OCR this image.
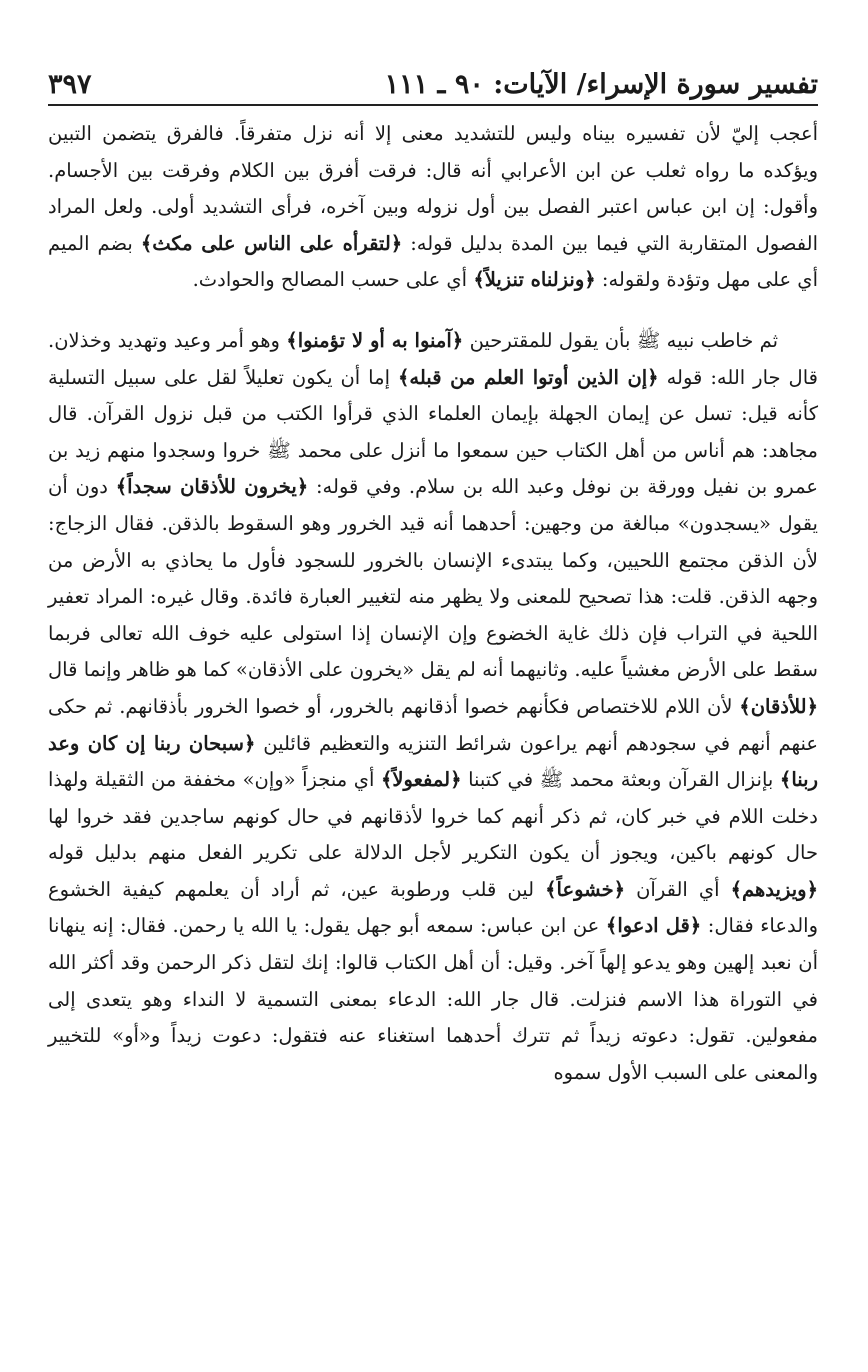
تفسير سورة الإسراء/ الآيات: ٩٠ ـ ١١١
٣٩٧

أعجب إليّ لأن تفسيره بيناه وليس للتشديد معنى إلا أنه نزل متفرقاً. فالفرق يتضمن التبين ويؤكده ما رواه ثعلب عن ابن الأعرابي أنه قال: فرقت أفرق بين الكلام وفرقت بين الأجسام. وأقول: إن ابن عباس اعتبر الفصل بين أول نزوله وبين آخره، فرأى التشديد أولى. ولعل المراد الفصول المتقاربة التي فيما بين المدة بدليل قوله: ﴿لتقرأه على الناس على مكث﴾ بضم الميم أي على مهل وتؤدة ولقوله: ﴿ونزلناه تنزيلاً﴾ أي على حسب المصالح والحوادث.

ثم خاطب نبيه ﷺ بأن يقول للمقترحين ﴿آمنوا به أو لا تؤمنوا﴾ وهو أمر وعيد وتهديد وخذلان. قال جار الله: قوله ﴿إن الذين أوتوا العلم من قبله﴾ إما أن يكون تعليلاً لقل على سبيل التسلية كأنه قيل: تسل عن إيمان الجهلة بإيمان العلماء الذي قرأوا الكتب من قبل نزول القرآن. قال مجاهد: هم أناس من أهل الكتاب حين سمعوا ما أنزل على محمد ﷺ خروا وسجدوا منهم زيد بن عمرو بن نفيل وورقة بن نوفل وعبد الله بن سلام. وفي قوله: ﴿يخرون للأذقان سجداً﴾ دون أن يقول «يسجدون» مبالغة من وجهين: أحدهما أنه قيد الخرور وهو السقوط بالذقن. فقال الزجاج: لأن الذقن مجتمع اللحيين، وكما يبتدىء الإنسان بالخرور للسجود فأول ما يحاذي به الأرض من وجهه الذقن. قلت: هذا تصحيح للمعنى ولا يظهر منه لتغيير العبارة فائدة. وقال غيره: المراد تعفير اللحية في التراب فإن ذلك غاية الخضوع وإن الإنسان إذا استولى عليه خوف الله تعالى فربما سقط على الأرض مغشياً عليه. وثانيهما أنه لم يقل «يخرون على الأذقان» كما هو ظاهر وإنما قال ﴿للأذقان﴾ لأن اللام للاختصاص فكأنهم خصوا أذقانهم بالخرور، أو خصوا الخرور بأذقانهم. ثم حكى عنهم أنهم في سجودهم أنهم يراعون شرائط التنزيه والتعظيم قائلين ﴿سبحان ربنا إن كان وعد ربنا﴾ بإنزال القرآن وبعثة محمد ﷺ في كتبنا ﴿لمفعولاً﴾ أي منجزاً «وإن» مخففة من الثقيلة ولهذا دخلت اللام في خبر كان، ثم ذكر أنهم كما خروا لأذقانهم في حال كونهم ساجدين فقد خروا لها حال كونهم باكين، ويجوز أن يكون التكرير لأجل الدلالة على تكرير الفعل منهم بدليل قوله ﴿ويزيدهم﴾ أي القرآن ﴿خشوعاً﴾ لين قلب ورطوبة عين، ثم أراد أن يعلمهم كيفية الخشوع والدعاء فقال: ﴿قل ادعوا﴾ عن ابن عباس: سمعه أبو جهل يقول: يا الله يا رحمن. فقال: إنه ينهانا أن نعبد إلهين وهو يدعو إلهاً آخر. وقيل: أن أهل الكتاب قالوا: إنك لتقل ذكر الرحمن وقد أكثر الله في التوراة هذا الاسم فنزلت. قال جار الله: الدعاء بمعنى التسمية لا النداء وهو يتعدى إلى مفعولين. تقول: دعوته زيداً ثم تترك أحدهما استغناء عنه فتقول: دعوت زيداً و«أو» للتخيير والمعنى على السبب الأول سموه
